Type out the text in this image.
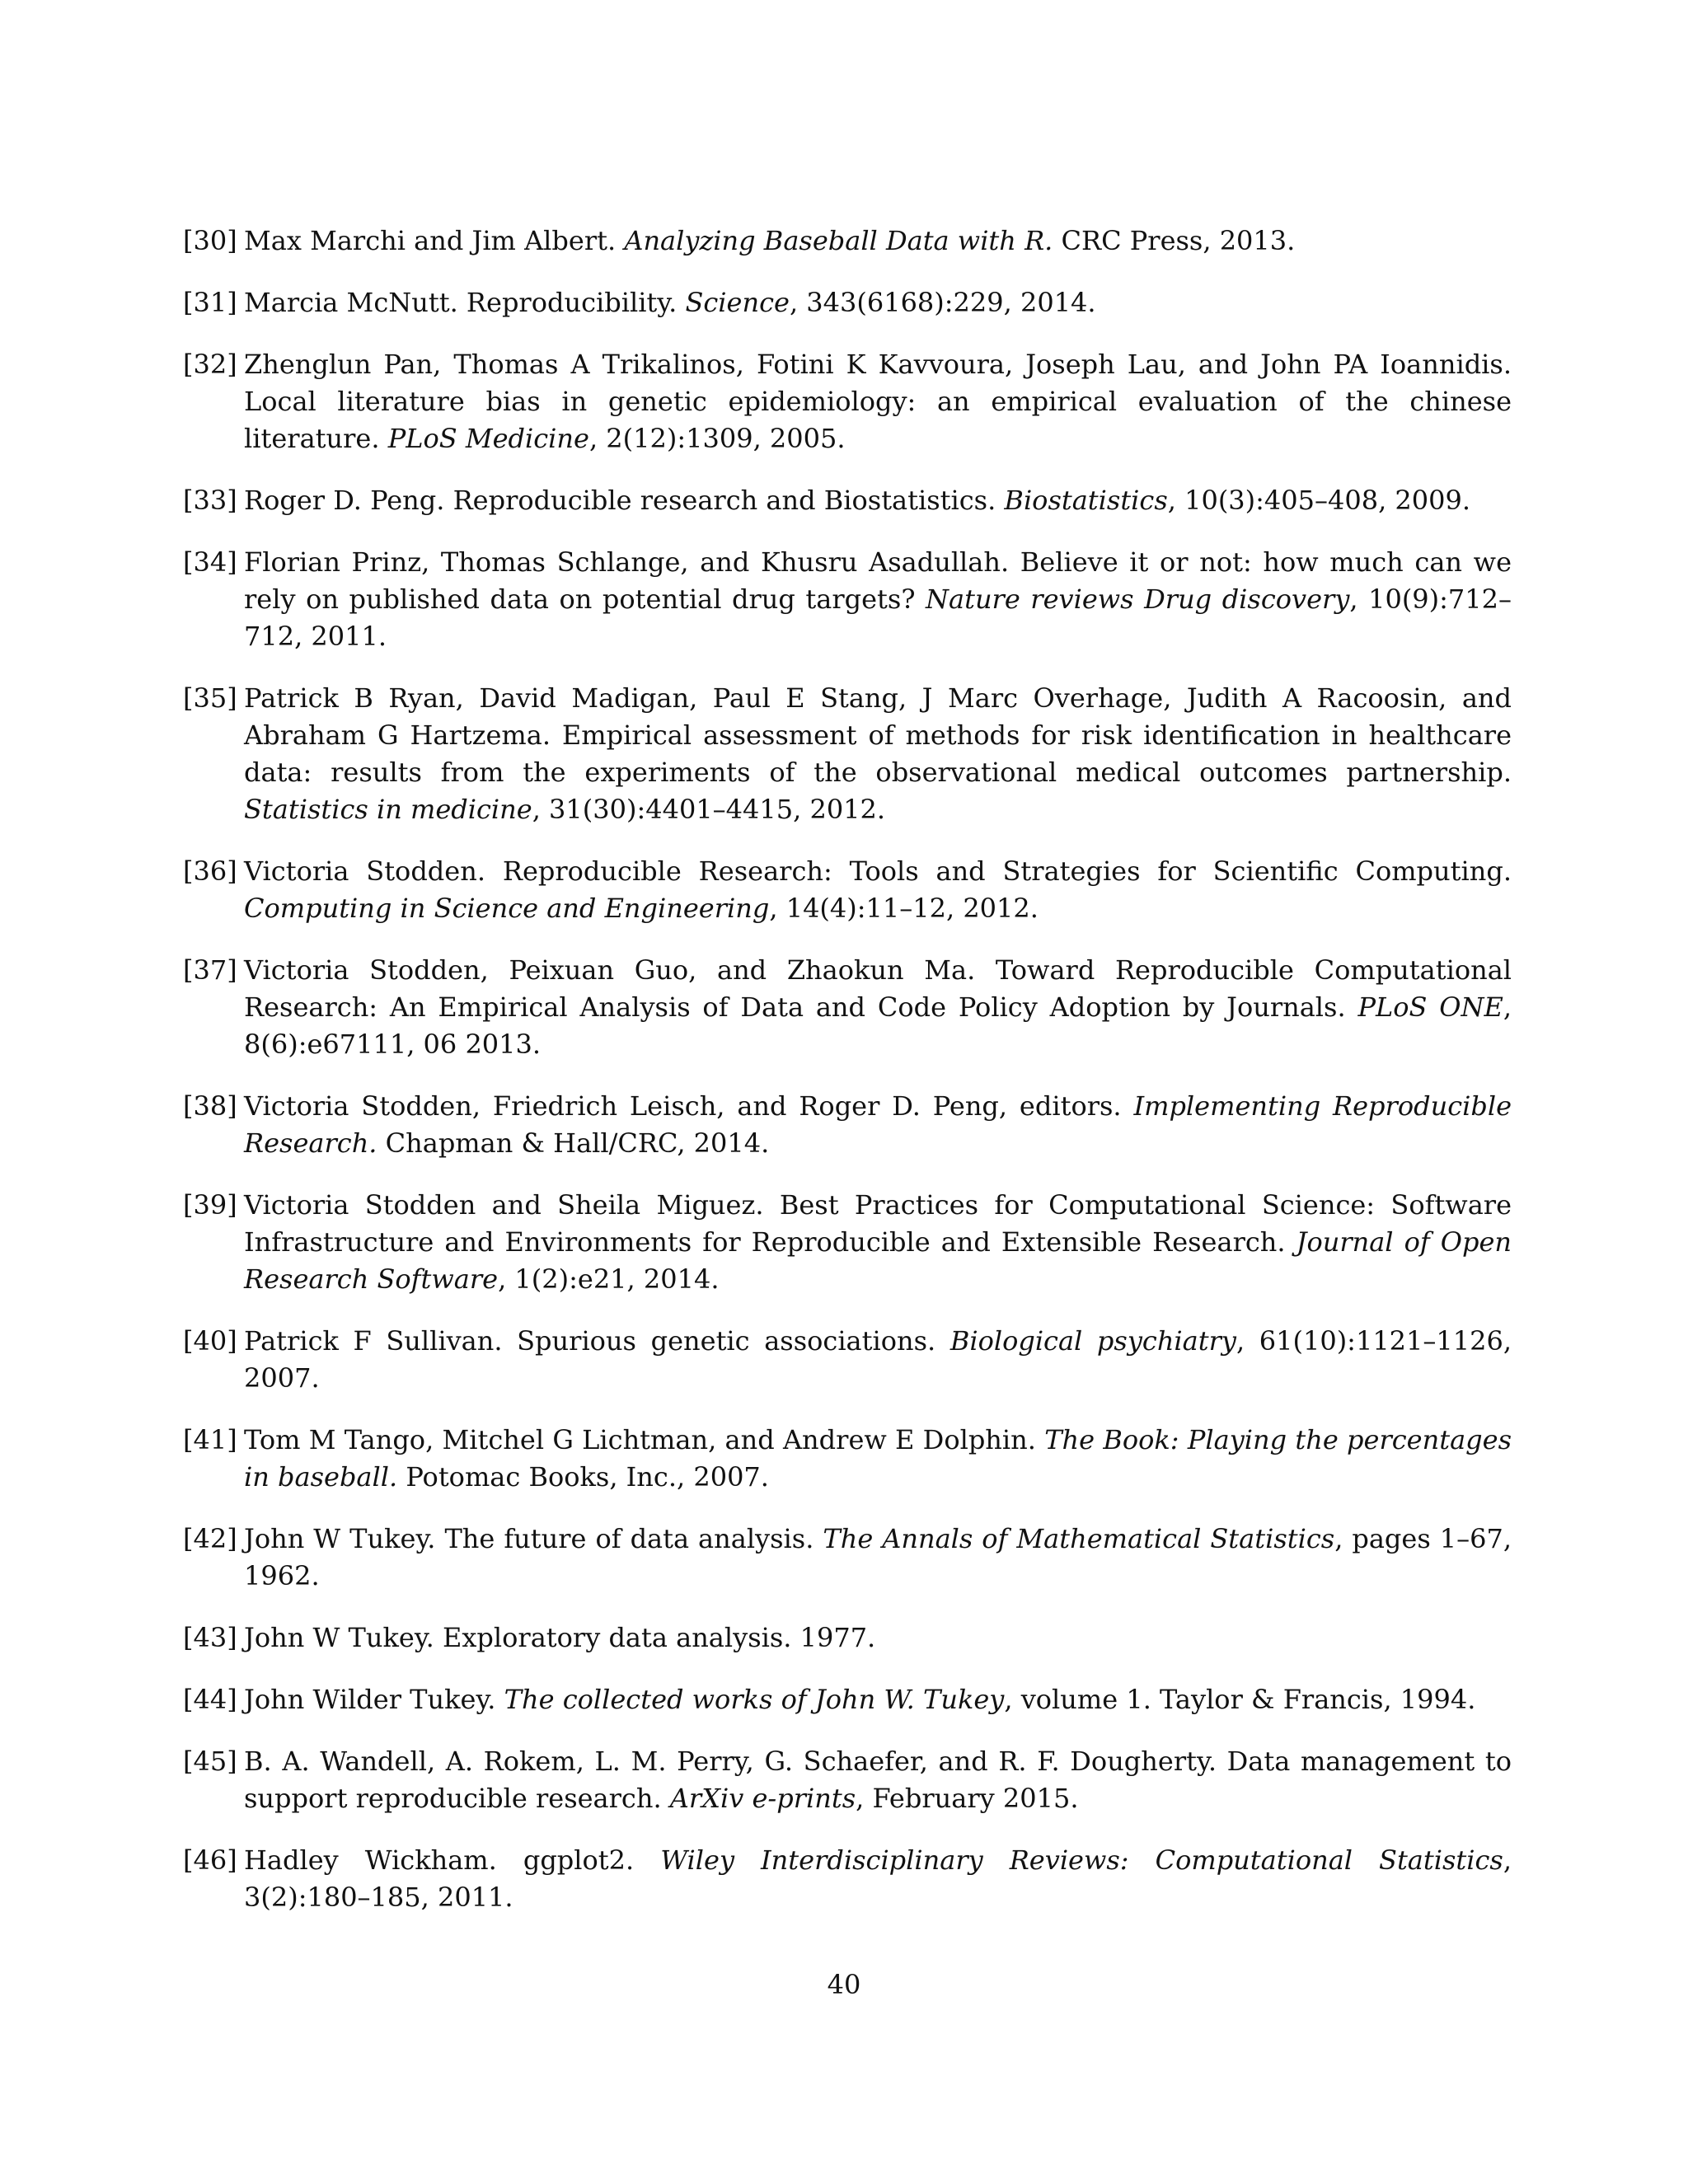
[30] Max Marchi and Jim Albert. Analyzing Baseball Data with R. CRC Press, 2013.
[31] Marcia McNutt. Reproducibility. Science, 343(6168):229, 2014.
[32] Zhenglun Pan, Thomas A Trikalinos, Fotini K Kavvoura, Joseph Lau, and John PA Ioannidis. Local literature bias in genetic epidemiology: an empirical evaluation of the chinese literature. PLoS Medicine, 2(12):1309, 2005.
[33] Roger D. Peng. Reproducible research and Biostatistics. Biostatistics, 10(3):405–408, 2009.
[34] Florian Prinz, Thomas Schlange, and Khusru Asadullah. Believe it or not: how much can we rely on published data on potential drug targets? Nature reviews Drug discovery, 10(9):712–712, 2011.
[35] Patrick B Ryan, David Madigan, Paul E Stang, J Marc Overhage, Judith A Racoosin, and Abraham G Hartzema. Empirical assessment of methods for risk identification in healthcare data: results from the experiments of the observational medical outcomes partnership. Statistics in medicine, 31(30):4401–4415, 2012.
[36] Victoria Stodden. Reproducible Research: Tools and Strategies for Scientific Computing. Computing in Science and Engineering, 14(4):11–12, 2012.
[37] Victoria Stodden, Peixuan Guo, and Zhaokun Ma. Toward Reproducible Computational Research: An Empirical Analysis of Data and Code Policy Adoption by Journals. PLoS ONE, 8(6):e67111, 06 2013.
[38] Victoria Stodden, Friedrich Leisch, and Roger D. Peng, editors. Implementing Reproducible Research. Chapman & Hall/CRC, 2014.
[39] Victoria Stodden and Sheila Miguez. Best Practices for Computational Science: Software Infrastructure and Environments for Reproducible and Extensible Research. Journal of Open Research Software, 1(2):e21, 2014.
[40] Patrick F Sullivan. Spurious genetic associations. Biological psychiatry, 61(10):1121–1126, 2007.
[41] Tom M Tango, Mitchel G Lichtman, and Andrew E Dolphin. The Book: Playing the percentages in baseball. Potomac Books, Inc., 2007.
[42] John W Tukey. The future of data analysis. The Annals of Mathematical Statistics, pages 1–67, 1962.
[43] John W Tukey. Exploratory data analysis. 1977.
[44] John Wilder Tukey. The collected works of John W. Tukey, volume 1. Taylor & Francis, 1994.
[45] B. A. Wandell, A. Rokem, L. M. Perry, G. Schaefer, and R. F. Dougherty. Data management to support reproducible research. ArXiv e-prints, February 2015.
[46] Hadley Wickham. ggplot2. Wiley Interdisciplinary Reviews: Computational Statistics, 3(2):180–185, 2011.
40
